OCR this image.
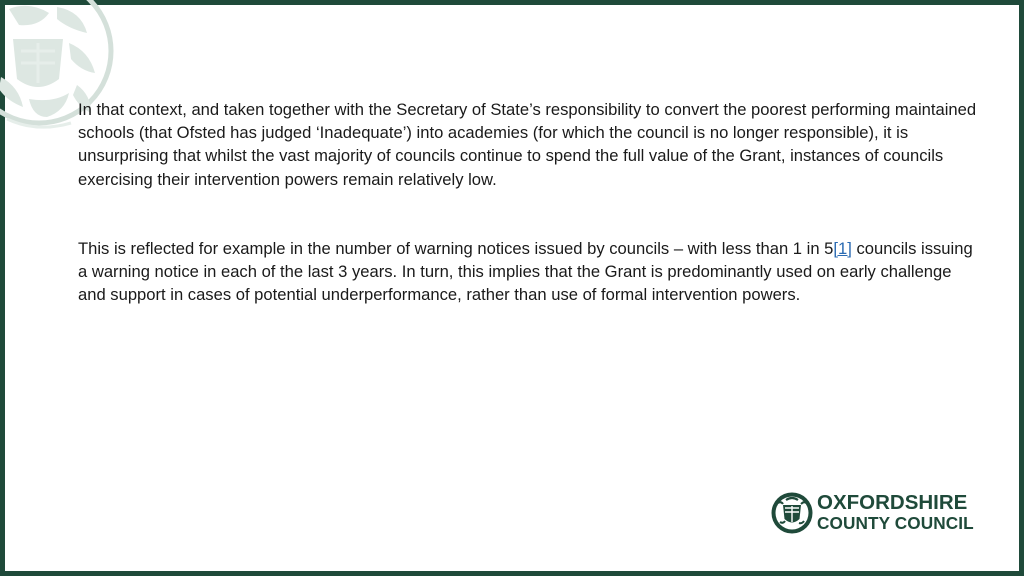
In that context, and taken together with the Secretary of State’s responsibility to convert the poorest performing maintained schools (that Ofsted has judged ‘Inadequate’) into academies (for which the council is no longer responsible), it is unsurprising that whilst the vast majority of councils continue to spend the full value of the Grant, instances of councils exercising their intervention powers remain relatively low.

This is reflected for example in the number of warning notices issued by councils – with less than 1 in 5[1] councils issuing a warning notice in each of the last 3 years. In turn, this implies that the Grant is predominantly used on early challenge and support in cases of potential underperformance, rather than use of formal intervention powers.

OXFORDSHIRE
COUNTY COUNCIL
